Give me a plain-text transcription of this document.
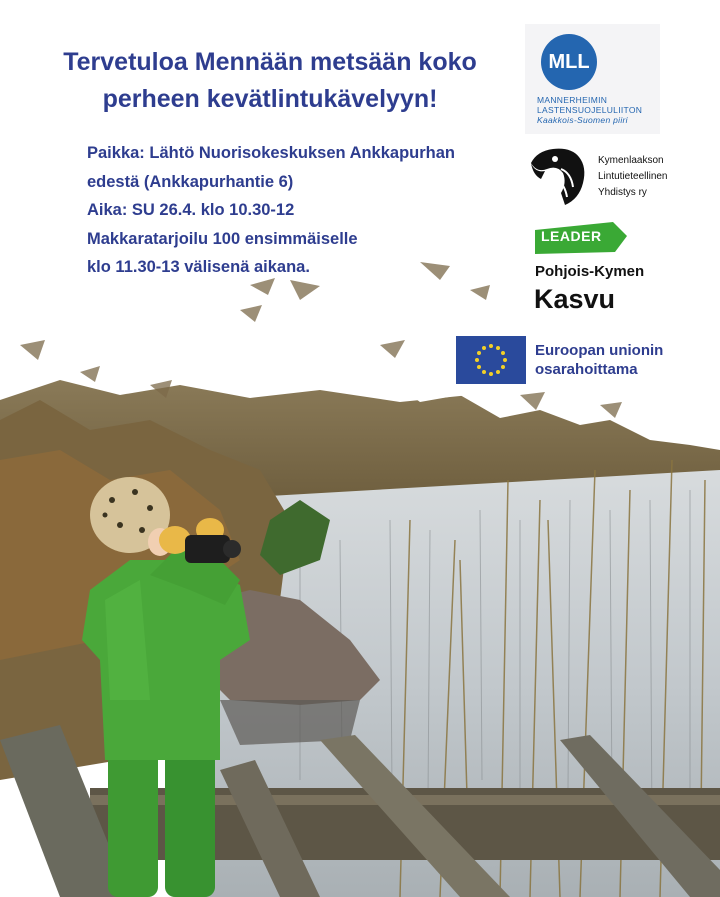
Tervetuloa Mennään metsään koko
perheen kevätlintukävelyyn!
Paikka: Lähtö Nuorisokeskuksen Ankkapurhan
edestä (Ankkapurhantie 6)
Aika: SU 26.4. klo 10.30-12
Makkaratarjoilu 100 ensimmäiselle
klo 11.30-13 välisenä aikana.
MLL
MANNERHEIMIN
LASTENSUOJELULIITON
Kaakkois-Suomen piiri
Kymenlaakson
Lintutieteellinen
Yhdistys ry
LEADER
Pohjois-Kymen
Kasvu
Euroopan unionin
osarahoittama
